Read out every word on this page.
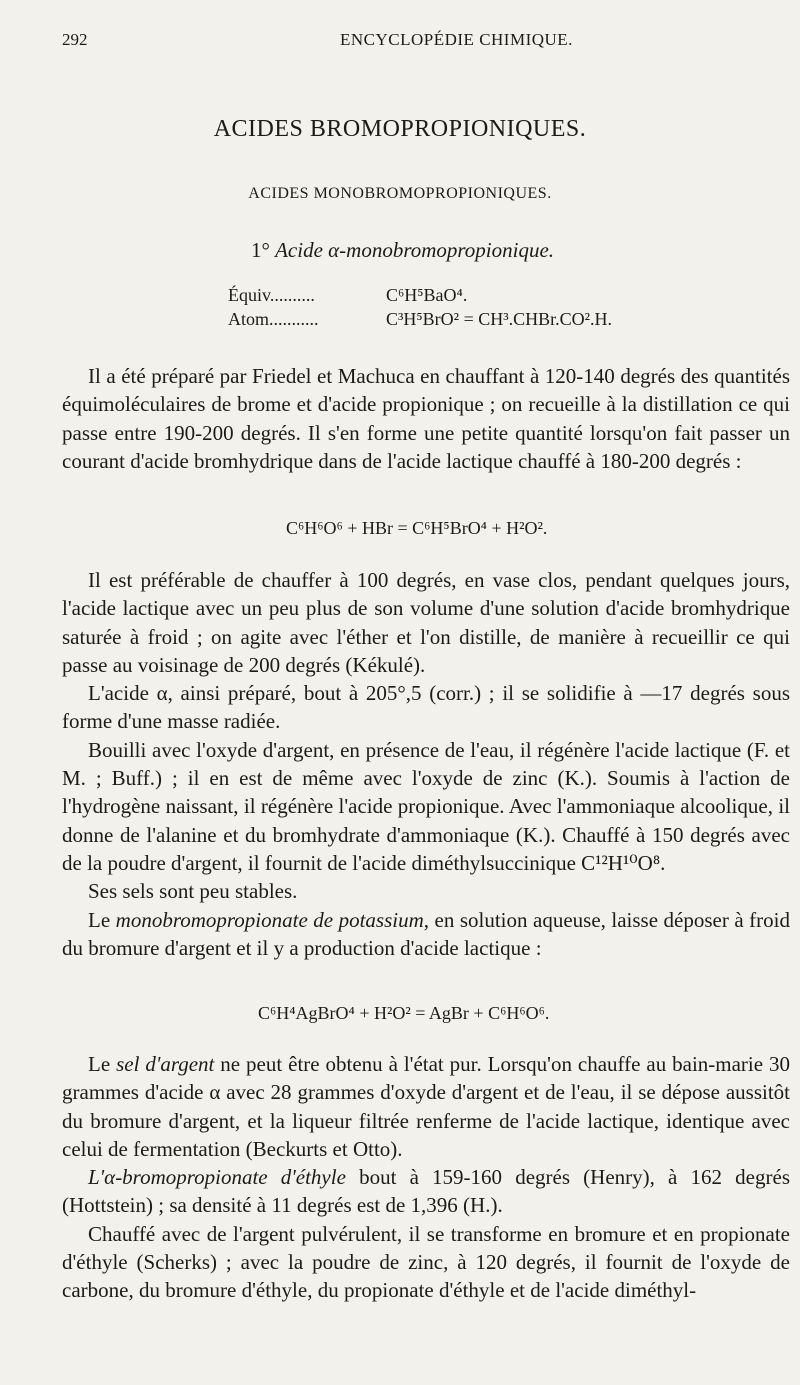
292	ENCYCLOPÉDIE CHIMIQUE.
ACIDES BROMOPROPIONIQUES.
ACIDES MONOBROMOPROPIONIQUES.
1° Acide α-monobromopropionique.
Équiv..........	C⁶H⁵BaO⁴.
Atom...........	C³H⁵BrO² = CH³.CHBr.CO².H.

Il a été préparé par Friedel et Machuca en chauffant à 120-140 degrés des quantités équimoléculaires de brome et d'acide propionique ; on recueille à la distillation ce qui passe entre 190-200 degrés. Il s'en forme une petite quantité lorsqu'on fait passer un courant d'acide bromhydrique dans de l'acide lactique chauffé à 180-200 degrés :

C⁶H⁶O⁶ + HBr = C⁶H⁵BrO⁴ + H²O².

Il est préférable de chauffer à 100 degrés, en vase clos, pendant quelques jours, l'acide lactique avec un peu plus de son volume d'une solution d'acide bromhydrique saturée à froid ; on agite avec l'éther et l'on distille, de manière à recueillir ce qui passe au voisinage de 200 degrés (Kékulé).

L'acide α, ainsi préparé, bout à 205°,5 (corr.) ; il se solidifie à —17 degrés sous forme d'une masse radiée.

Bouilli avec l'oxyde d'argent, en présence de l'eau, il régénère l'acide lactique (F. et M. ; Buff.) ; il en est de même avec l'oxyde de zinc (K.). Soumis à l'action de l'hydrogène naissant, il régénère l'acide propionique. Avec l'ammoniaque alcoolique, il donne de l'alanine et du bromhydrate d'ammoniaque (K.). Chauffé à 150 degrés avec de la poudre d'argent, il fournit de l'acide diméthylsuccinique C¹²H¹⁰O⁸.

Ses sels sont peu stables.

Le monobromopropionate de potassium, en solution aqueuse, laisse déposer à froid du bromure d'argent et il y a production d'acide lactique :

C⁶H⁴AgBrO⁴ + H²O² = AgBr + C⁶H⁶O⁶.

Le sel d'argent ne peut être obtenu à l'état pur. Lorsqu'on chauffe au bain-marie 30 grammes d'acide α avec 28 grammes d'oxyde d'argent et de l'eau, il se dépose aussitôt du bromure d'argent, et la liqueur filtrée renferme de l'acide lactique, identique avec celui de fermentation (Beckurts et Otto).

L'α-bromopropionate d'éthyle bout à 159-160 degrés (Henry), à 162 degrés (Hottstein) ; sa densité à 11 degrés est de 1,396 (H.).

Chauffé avec de l'argent pulvérulent, il se transforme en bromure et en propionate d'éthyle (Scherks) ; avec la poudre de zinc, à 120 degrés, il fournit de l'oxyde de carbone, du bromure d'éthyle, du propionate d'éthyle et de l'acide diméthyl-
